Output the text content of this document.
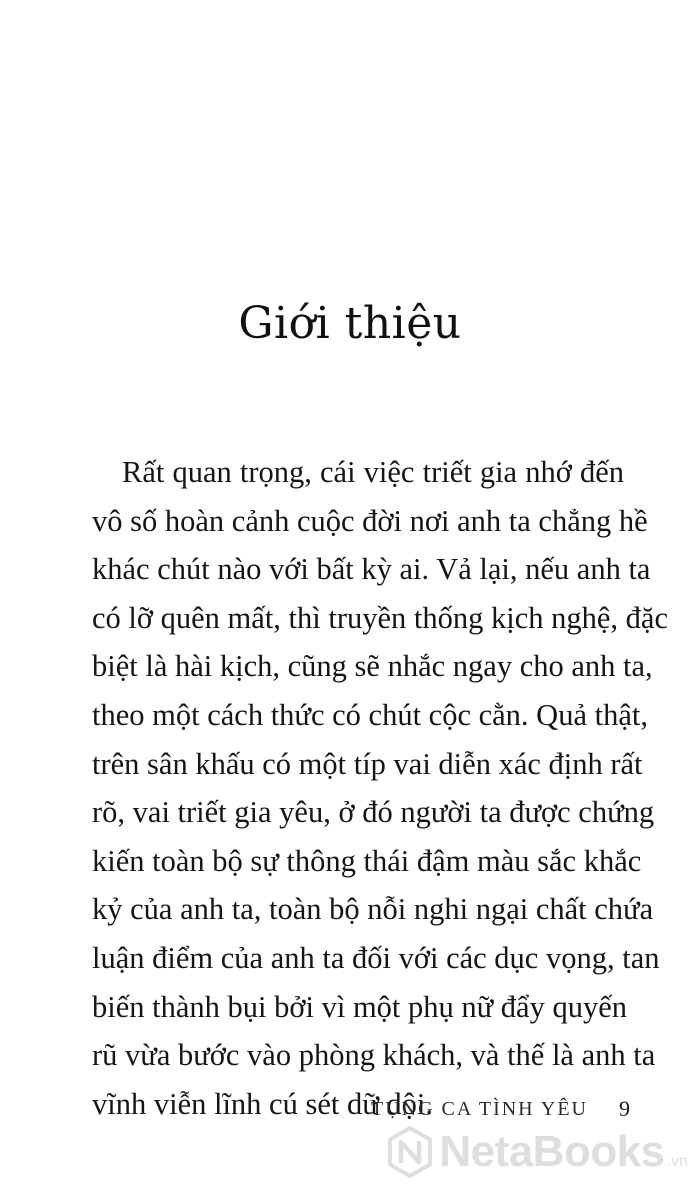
Giới thiệu
Rất quan trọng, cái việc triết gia nhớ đến
vô số hoàn cảnh cuộc đời nơi anh ta chẳng hề
khác chút nào với bất kỳ ai. Vả lại, nếu anh ta
có lỡ quên mất, thì truyền thống kịch nghệ, đặc
biệt là hài kịch, cũng sẽ nhắc ngay cho anh ta,
theo một cách thức có chút cộc cằn. Quả thật,
trên sân khấu có một típ vai diễn xác định rất
rõ, vai triết gia yêu, ở đó người ta được chứng
kiến toàn bộ sự thông thái đậm màu sắc khắc
kỷ của anh ta, toàn bộ nỗi nghi ngại chất chứa
luận điểm của anh ta đối với các dục vọng, tan
biến thành bụi bởi vì một phụ nữ đẩy quyến
rũ vừa bước vào phòng khách, và thế là anh ta
vĩnh viễn lĩnh cú sét dữ dội.
TỤNG CA TÌNH YÊU 9
NetaBooks .vn
